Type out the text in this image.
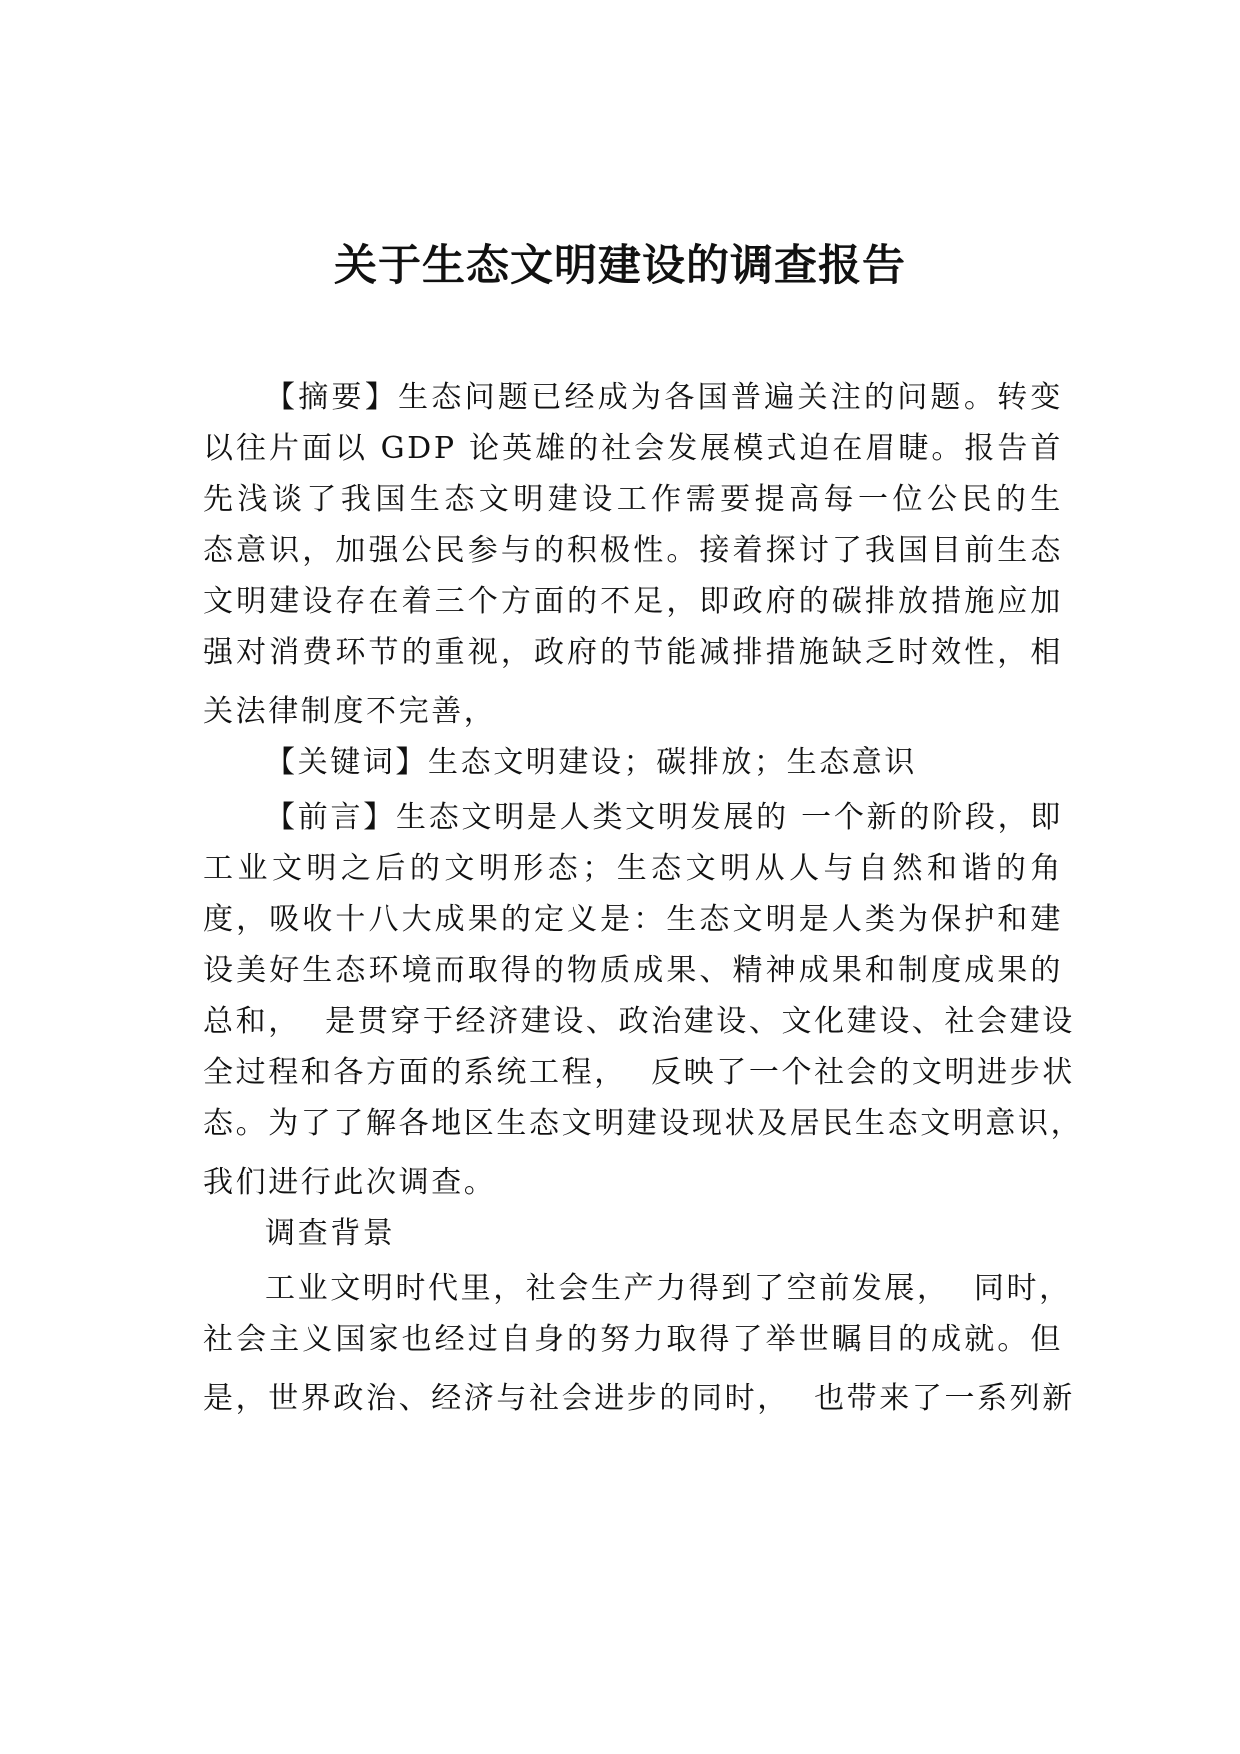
关于生态文明建设的调查报告
【摘要】生态问题已经成为各国普遍关注的问题。转变
以往片面以 GDP 论英雄的社会发展模式迫在眉睫。报告首
先浅谈了我国生态文明建设工作需要提高每一位公民的生
态意识，加强公民参与的积极性。接着探讨了我国目前生态
文明建设存在着三个方面的不足，即政府的碳排放措施应加
强对消费环节的重视，政府的节能减排措施缺乏时效性，相
关法律制度不完善，
【关键词】生态文明建设；碳排放；生态意识
【前言】生态文明是人类文明发展的 一个新的阶段，即
工业文明之后的文明形态；生态文明从人与自然和谐的角
度，吸收十八大成果的定义是：生态文明是人类为保护和建
设美好生态环境而取得的物质成果、精神成果和制度成果的
总和，  是贯穿于经济建设、政治建设、文化建设、社会建设
全过程和各方面的系统工程，  反映了一个社会的文明进步状
态。为了了解各地区生态文明建设现状及居民生态文明意识，
我们进行此次调查。
调查背景
工业文明时代里，社会生产力得到了空前发展，  同时，
社会主义国家也经过自身的努力取得了举世瞩目的成就。但
是，世界政治、经济与社会进步的同时，  也带来了一系列新
